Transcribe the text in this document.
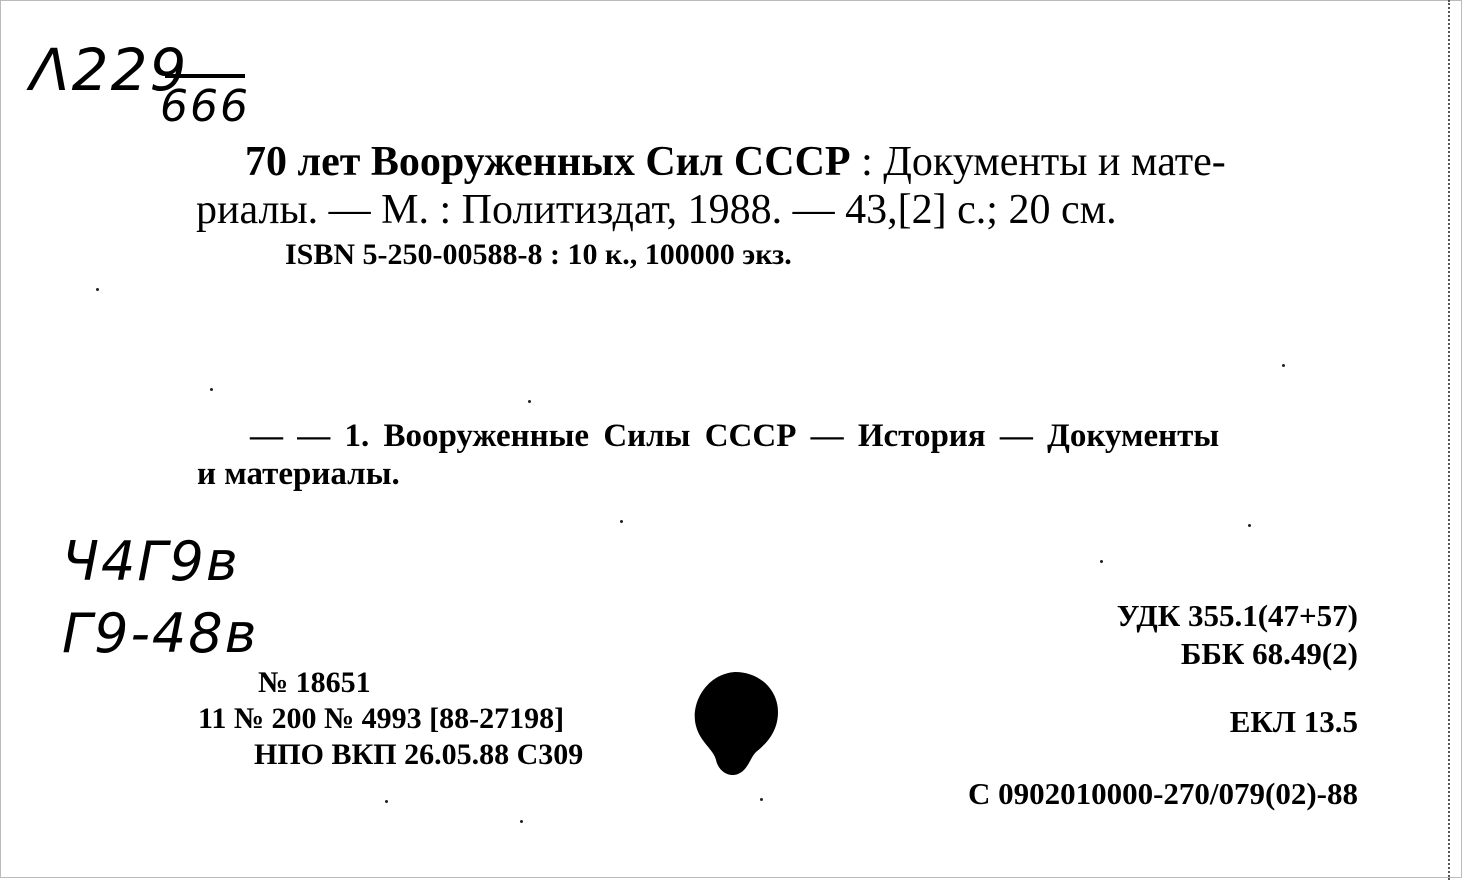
Λ229
666
70 лет Вооруженных Сил СССР : Документы и мате-
риалы. — М. : Политиздат, 1988. — 43,[2] с.; 20 см.
ISBN 5-250-00588-8 : 10 к., 100000 экз.
— — 1. Вооруженные Силы СССР — История — Документы
и материалы.
Ч4Г9в
Г9-48в	УДК 355.1(47+57)
ББК 68.49(2)
ЕКЛ 13.5
С 0902010000-270/079(02)-88
№ 18651
11 № 200 № 4993 [88-27198]
НПО ВКП 26.05.88 С309
